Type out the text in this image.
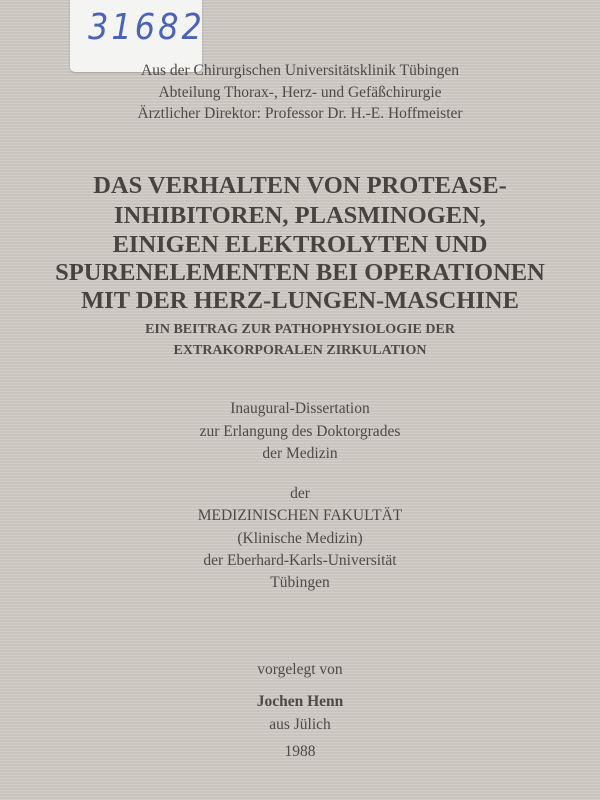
31682
Aus der Chirurgischen Universitätsklinik Tübingen
Abteilung Thorax-, Herz- und Gefäßchirurgie
Ärztlicher Direktor: Professor Dr. H.-E. Hoffmeister
DAS VERHALTEN VON PROTEASE-
INHIBITOREN, PLASMINOGEN,
EINIGEN ELEKTROLYTEN UND
SPURENELEMENTEN BEI OPERATIONEN
MIT DER HERZ-LUNGEN-MASCHINE
EIN BEITRAG ZUR PATHOPHYSIOLOGIE DER
EXTRAKORPORALEN ZIRKULATION
Inaugural-Dissertation
zur Erlangung des Doktorgrades
der Medizin
der
MEDIZINISCHEN FAKULTÄT
(Klinische Medizin)
der Eberhard-Karls-Universität
Tübingen
vorgelegt von
Jochen Henn
aus Jülich
1988
